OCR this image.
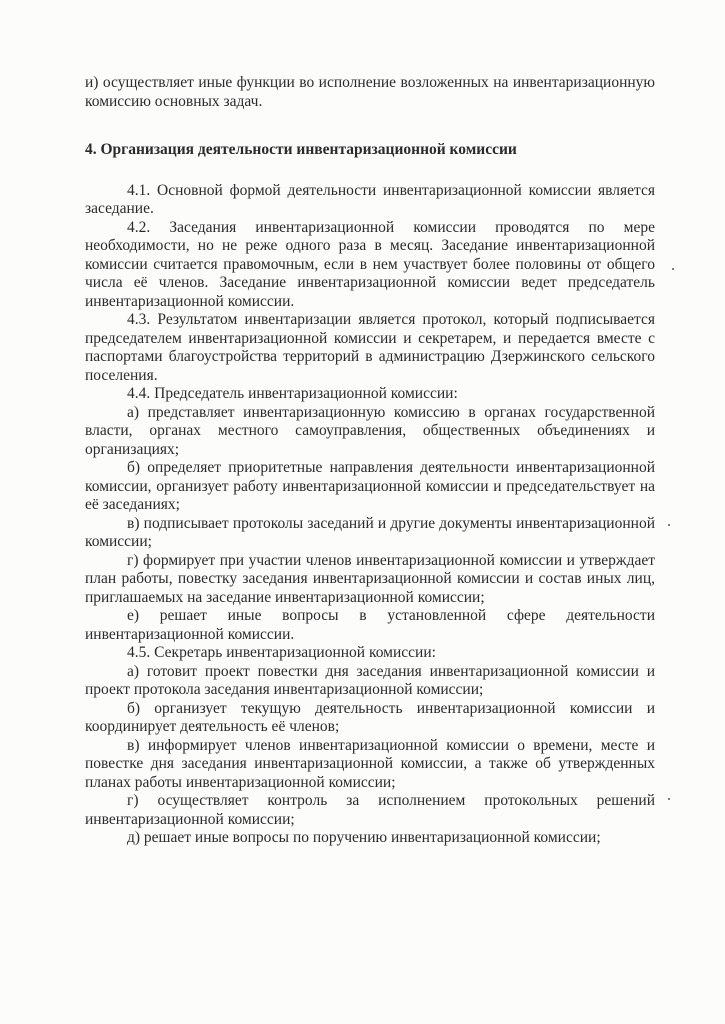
и) осуществляет иные функции во исполнение возложенных на инвентаризационную комиссию основных задач.

4. Организация деятельности инвентаризационной комиссии

4.1. Основной формой деятельности инвентаризационной комиссии является заседание.

4.2. Заседания инвентаризационной комиссии проводятся по мере необходимости, но не реже одного раза в месяц. Заседание инвентаризационной комиссии считается правомочным, если в нем участвует более половины от общего числа её членов. Заседание инвентаризационной комиссии ведет председатель инвентаризационной комиссии.

4.3. Результатом инвентаризации является протокол, который подписывается председателем инвентаризационной комиссии и секретарем, и передается вместе с паспортами благоустройства территорий в администрацию Дзержинского сельского поселения.

4.4. Председатель инвентаризационной комиссии:

а) представляет инвентаризационную комиссию в органах государственной власти, органах местного самоуправления, общественных объединениях и организациях;

б) определяет приоритетные направления деятельности инвентаризационной комиссии, организует работу инвентаризационной комиссии и председательствует на её заседаниях;

в) подписывает протоколы заседаний и другие документы инвентаризационной комиссии;

г) формирует при участии членов инвентаризационной комиссии и утверждает план работы, повестку заседания инвентаризационной комиссии и состав иных лиц, приглашаемых на заседание инвентаризационной комиссии;

е) решает иные вопросы в установленной сфере деятельности инвентаризационной комиссии.

4.5. Секретарь инвентаризационной комиссии:

а) готовит проект повестки дня заседания инвентаризационной комиссии и проект протокола заседания инвентаризационной комиссии;

б) организует текущую деятельность инвентаризационной комиссии и координирует деятельность её членов;

в) информирует членов инвентаризационной комиссии о времени, месте и повестке дня заседания инвентаризационной комиссии, а также об утвержденных планах работы инвентаризационной комиссии;

г) осуществляет контроль за исполнением протокольных решений инвентаризационной комиссии;

д) решает иные вопросы по поручению инвентаризационной комиссии;
